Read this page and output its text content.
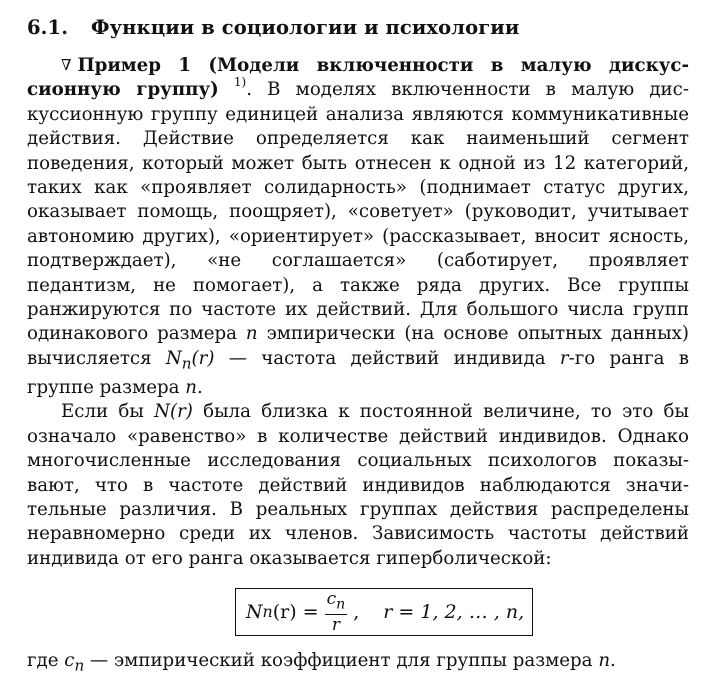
6.1. Функции в социологии и психологии

∇ Пример 1 (Модели включенности в малую дискуссионную группу) $^{1)}$. В моделях включенности в малую дискуссионную группу единицей анализа являются коммуникативные действия. Действие определяется как наименьший сегмент поведения, который может быть отнесен к одной из 12 категорий, таких как «проявляет солидарность» (поднимает статус других, оказывает помощь, поощряет), «советует» (руководит, учитывает автономию других), «ориентирует» (рассказывает, вносит ясность, подтверждает), «не соглашается» (саботирует, проявляет педантизм, не помогает), а также ряда других. Все группы ранжируются по частоте их действий. Для большого числа групп одинакового размера n эмпирически (на основе опытных данных) вычисляется $N_n(r)$ — частота действий индивида r-го ранга в группе размера n.

Если бы N(r) была близка к постоянной величине, то это бы означало «равенство» в количестве действий индивидов. Однако многочисленные исследования социальных психологов показывают, что в частоте действий индивидов наблюдаются значительные различия. В реальных группах действия распределены неравномерно среди их членов. Зависимость частоты действий индивида от его ранга оказывается гиперболической:

N n $(r) = \frac{c_n}{r}$ , r = 1, 2, … , n,

где $c_n$ — эмпирический коэффициент для группы размера n.
